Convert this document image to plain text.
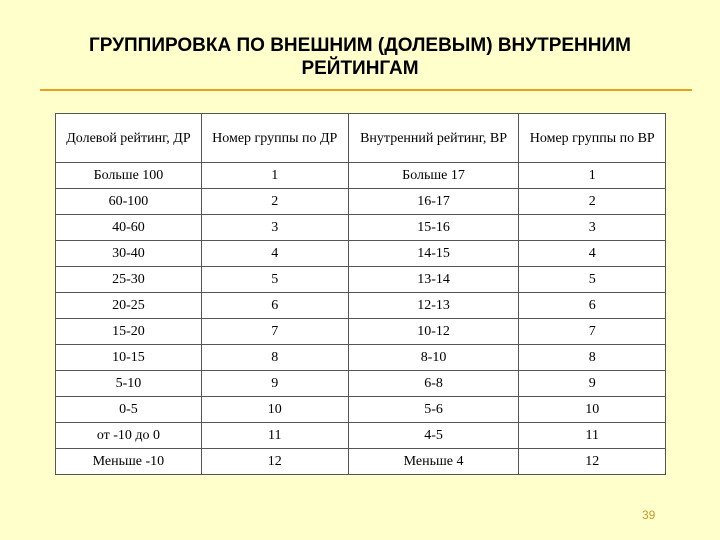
ГРУППИРОВКА ПО ВНЕШНИМ (ДОЛЕВЫМ) ВНУТРЕННИМ
РЕЙТИНГАМ
Долевой рейтинг, ДР	Номер группы по ДР	Внутренний рейтинг, ВР	Номер группы по ВР
Больше 100	1	Больше 17	1
60-100	2	16-17	2
40-60	3	15-16	3
30-40	4	14-15	4
25-30	5	13-14	5
20-25	6	12-13	6
15-20	7	10-12	7
10-15	8	8-10	8
5-10	9	6-8	9
0-5	10	5-6	10
от -10 до 0	11	4-5	11
Меньше -10	12	Меньше 4	12
39
